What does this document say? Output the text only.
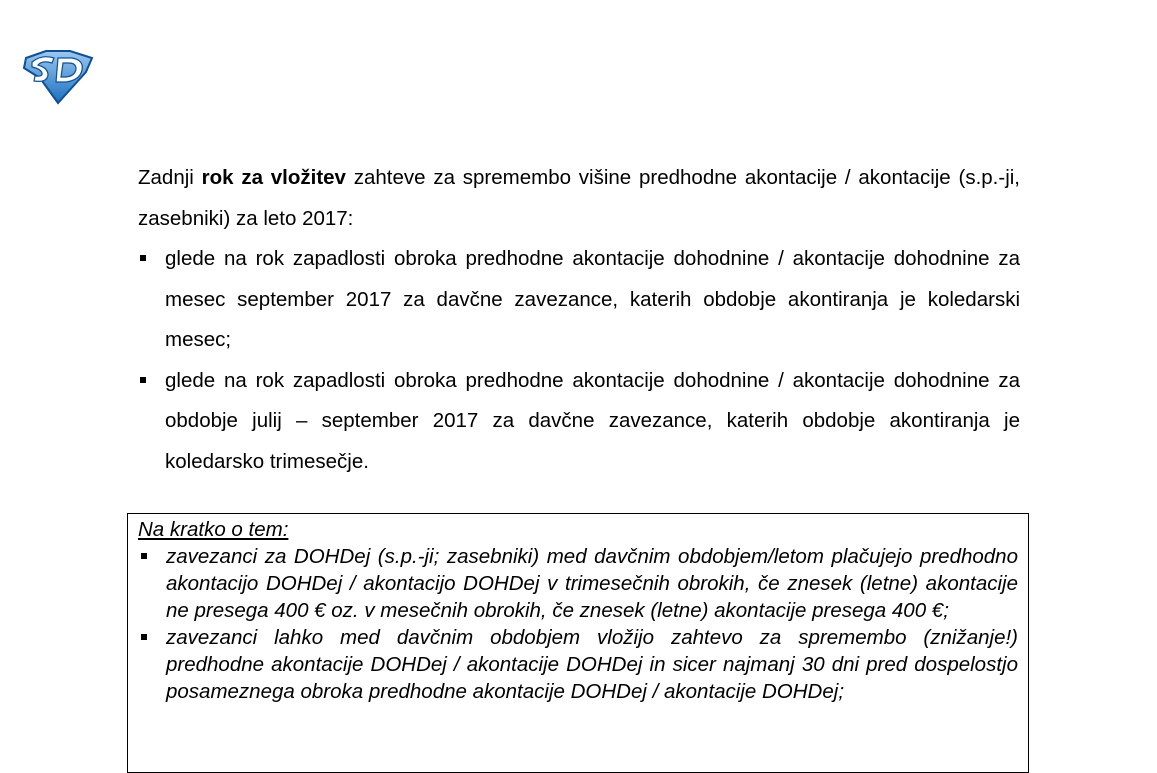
Zadnji rok za vložitev zahteve za spremembo višine predhodne akontacije / akontacije (s.p.-ji, zasebniki) za leto 2017:

glede na rok zapadlosti obroka predhodne akontacije dohodnine / akontacije dohodnine za mesec september 2017 za davčne zavezance, katerih obdobje akontiranja je koledarski mesec;
glede na rok zapadlosti obroka predhodne akontacije dohodnine / akontacije dohodnine za obdobje julij – september 2017 za davčne zavezance, katerih obdobje akontiranja je koledarsko trimesečje.

Na kratko o tem:

zavezanci za DOHDej (s.p.-ji; zasebniki) med davčnim obdobjem/letom plačujejo predhodno akontacijo DOHDej / akontacijo DOHDej v trimesečnih obrokih, če znesek (letne) akontacije ne presega 400 € oz. v mesečnih obrokih, če znesek (letne) akontacije presega 400 €;
zavezanci lahko med davčnim obdobjem vložijo zahtevo za spremembo (znižanje!) predhodne akontacije DOHDej / akontacije DOHDej in sicer najmanj 30 dni pred dospelostjo posameznega obroka predhodne akontacije DOHDej / akontacije DOHDej;
